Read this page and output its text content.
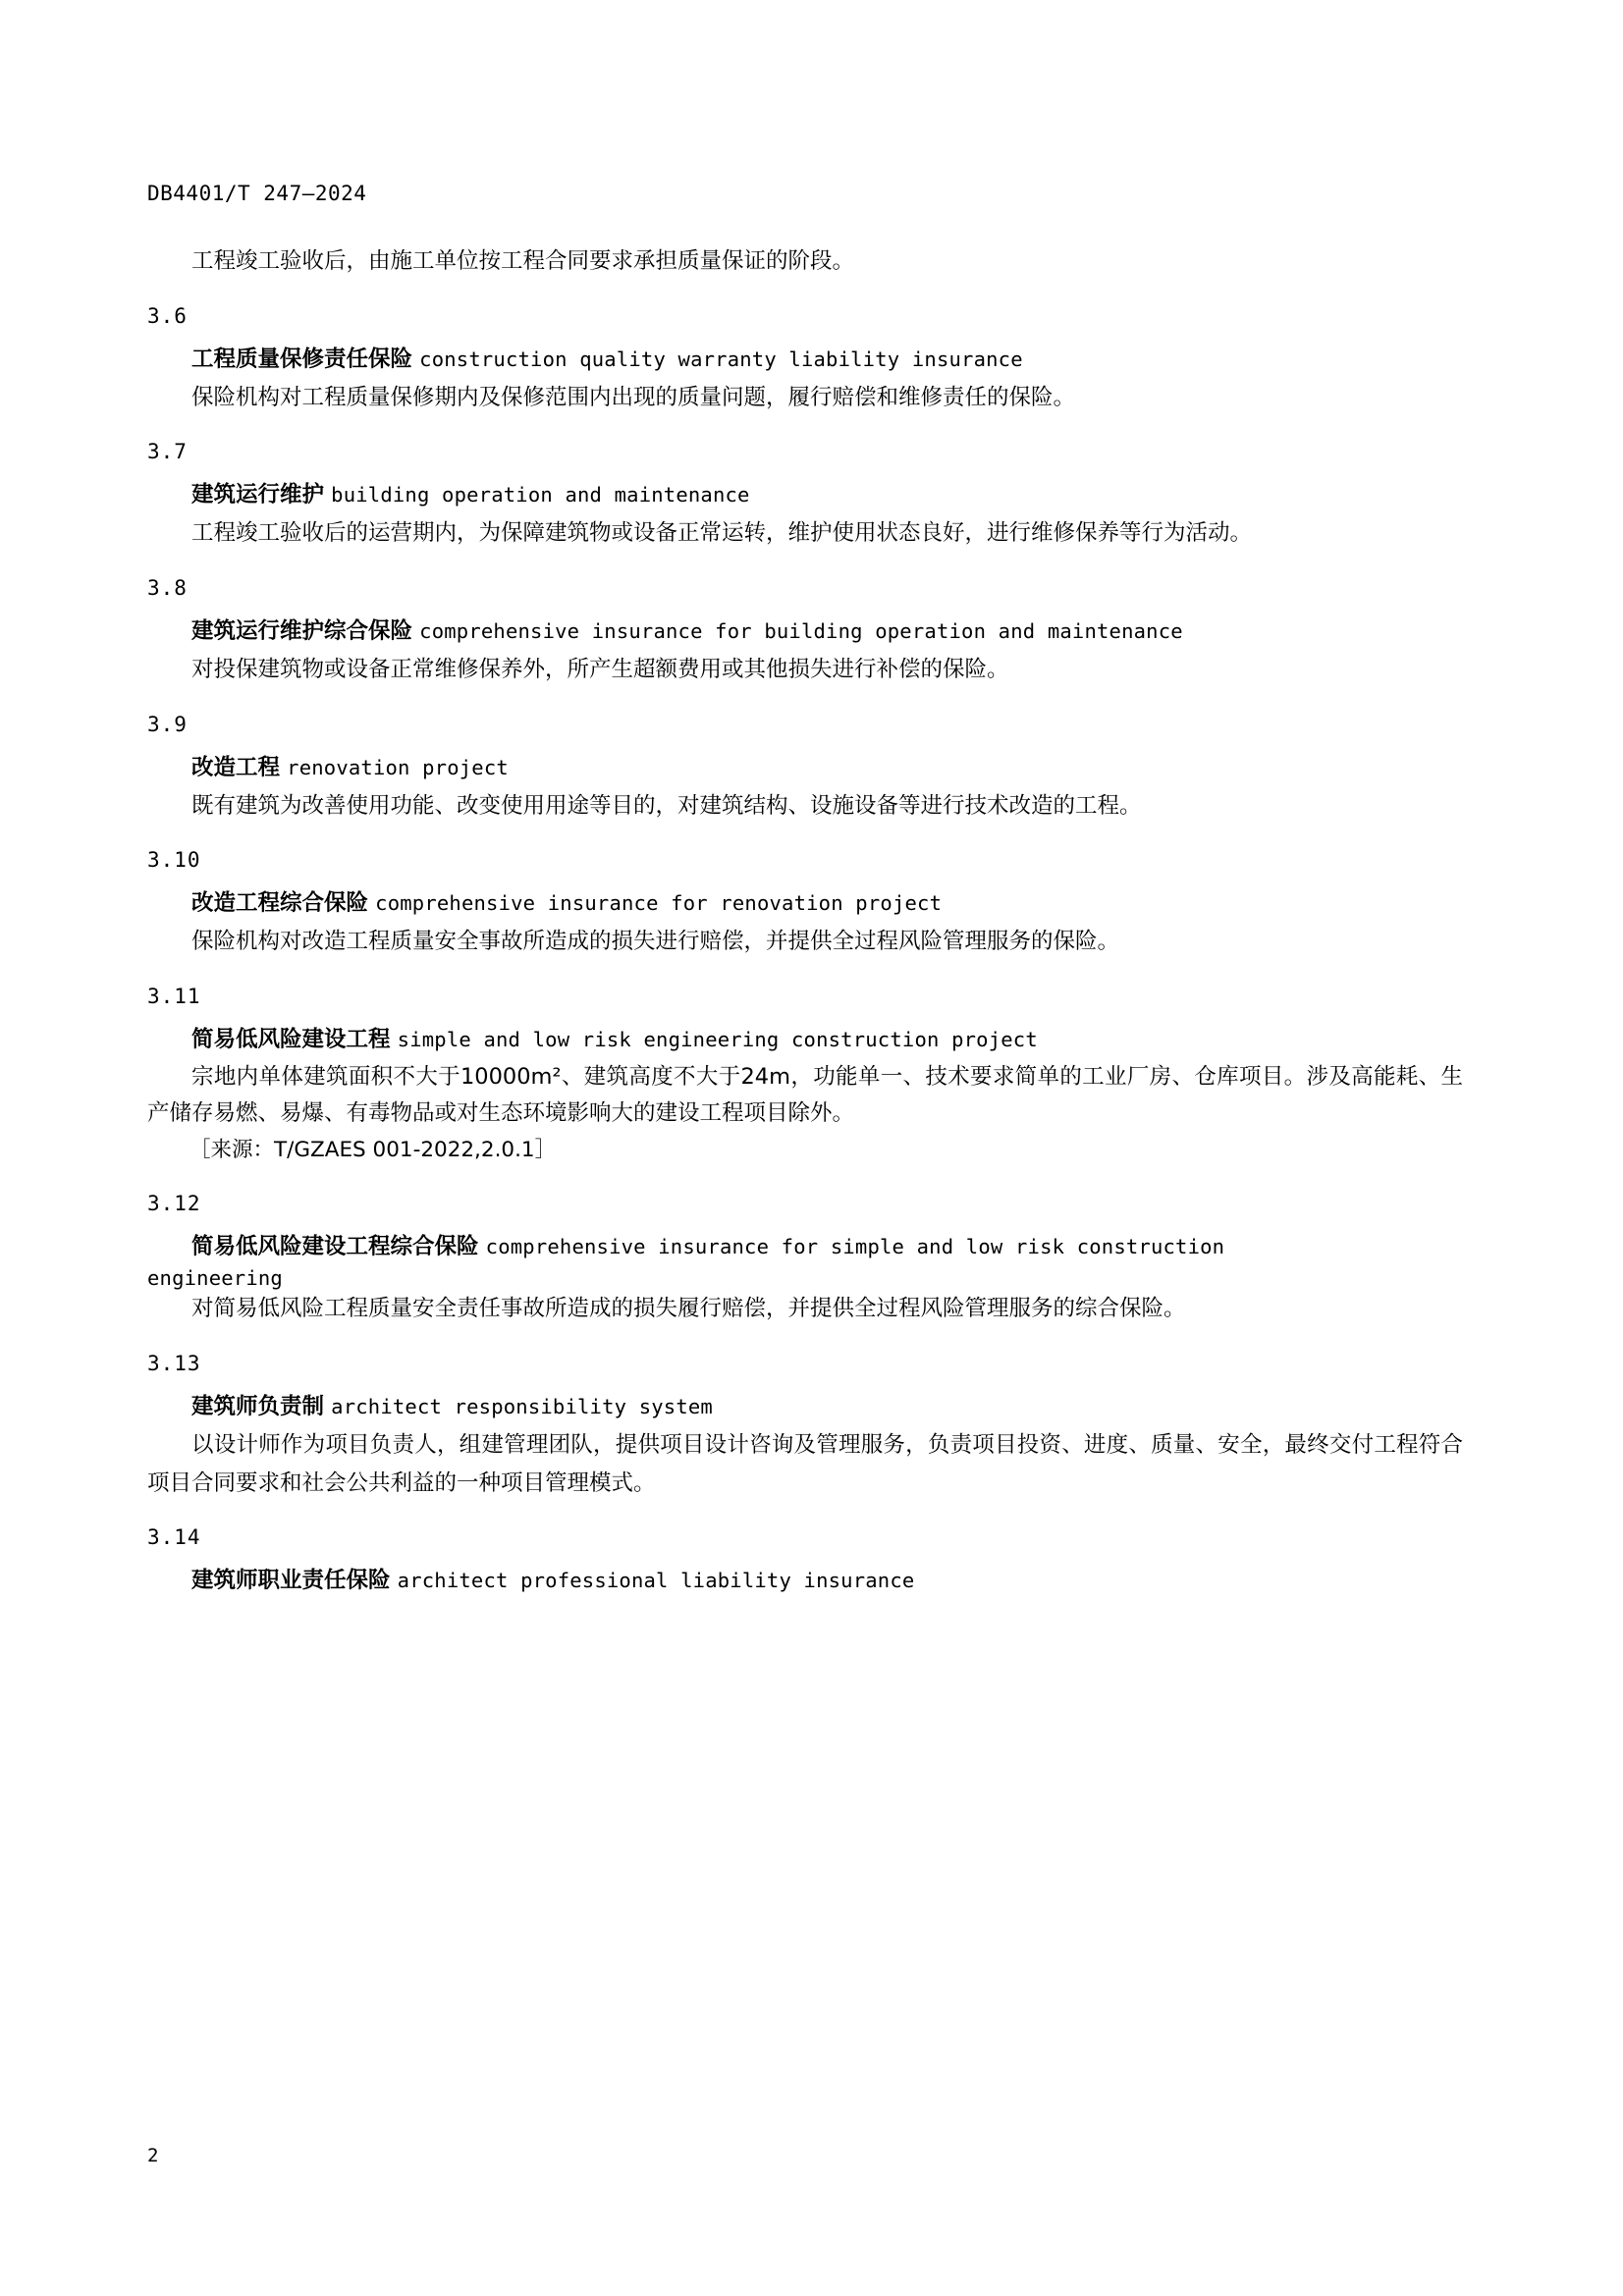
DB4401/T 247—2024

工程竣工验收后，由施工单位按工程合同要求承担质量保证的阶段。

3.6
工程质量保修责任保险 construction quality warranty liability insurance

保险机构对工程质量保修期内及保修范围内出现的质量问题，履行赔偿和维修责任的保险。

3.7
建筑运行维护 building operation and maintenance

工程竣工验收后的运营期内，为保障建筑物或设备正常运转，维护使用状态良好，进行维修保养等行为活动。

3.8
建筑运行维护综合保险 comprehensive insurance for building operation and maintenance

对投保建筑物或设备正常维修保养外，所产生超额费用或其他损失进行补偿的保险。

3.9
改造工程 renovation project

既有建筑为改善使用功能、改变使用用途等目的，对建筑结构、设施设备等进行技术改造的工程。

3.10
改造工程综合保险 comprehensive insurance for renovation project

保险机构对改造工程质量安全事故所造成的损失进行赔偿，并提供全过程风险管理服务的保险。

3.11
简易低风险建设工程 simple and low risk engineering construction project

宗地内单体建筑面积不大于10000m²、建筑高度不大于24m，功能单一、技术要求简单的工业厂房、仓库项目。涉及高能耗、生产储存易燃、易爆、有毒物品或对生态环境影响大的建设工程项目除外。

［来源：T/GZAES 001-2022,2.0.1］

3.12
简易低风险建设工程综合保险 comprehensive insurance for simple and low risk construction
engineering

对简易低风险工程质量安全责任事故所造成的损失履行赔偿，并提供全过程风险管理服务的综合保险。

3.13
建筑师负责制 architect responsibility system

以设计师作为项目负责人，组建管理团队，提供项目设计咨询及管理服务，负责项目投资、进度、质量、安全，最终交付工程符合项目合同要求和社会公共利益的一种项目管理模式。

3.14
建筑师职业责任保险 architect professional liability insurance
2
